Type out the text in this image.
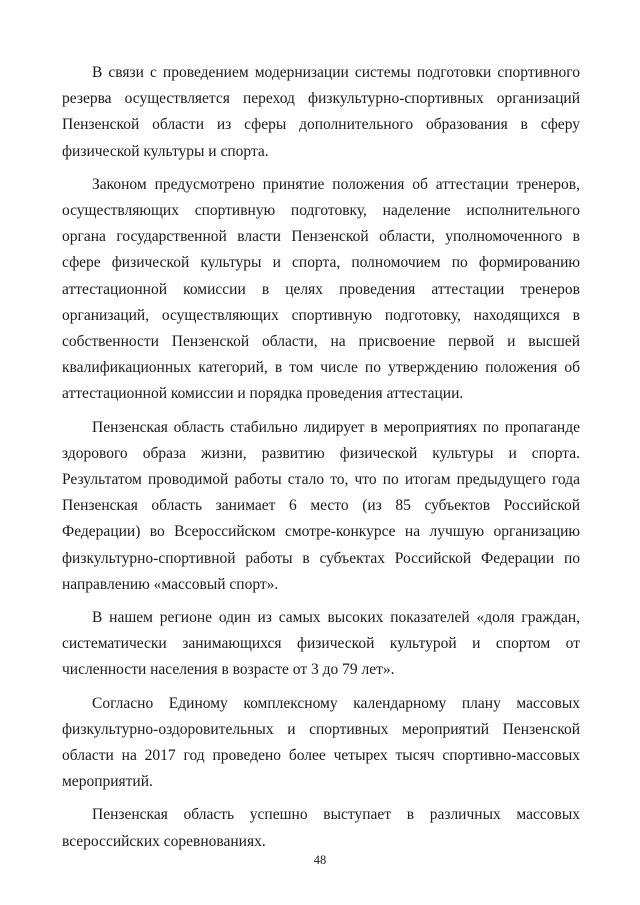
В связи с проведением модернизации системы подготовки спортивного резерва осуществляется переход физкультурно-спортивных организаций Пензенской области из сферы дополнительного образования в сферу физической культуры и спорта.

Законом предусмотрено принятие положения об аттестации тренеров, осуществляющих спортивную подготовку, наделение исполнительного органа государственной власти Пензенской области, уполномоченного в сфере физической культуры и спорта, полномочием по формированию аттестационной комиссии в целях проведения аттестации тренеров организаций, осуществляющих спортивную подготовку, находящихся в собственности Пензенской области, на присвоение первой и высшей квалификационных категорий, в том числе по утверждению положения об аттестационной комиссии и порядка проведения аттестации.

Пензенская область стабильно лидирует в мероприятиях по пропаганде здорового образа жизни, развитию физической культуры и спорта. Результатом проводимой работы стало то, что по итогам предыдущего года Пензенская область занимает 6 место (из 85 субъектов Российской Федерации) во Всероссийском смотре-конкурсе на лучшую организацию физкультурно-спортивной работы в субъектах Российской Федерации по направлению «массовый спорт».

В нашем регионе один из самых высоких показателей «доля граждан, систематически занимающихся физической культурой и спортом от численности населения в возрасте от 3 до 79 лет».

Согласно Единому комплексному календарному плану массовых физкультурно-оздоровительных и спортивных мероприятий Пензенской области на 2017 год проведено более четырех тысяч спортивно-массовых мероприятий.

Пензенская область успешно выступает в различных массовых всероссийских соревнованиях.

48
